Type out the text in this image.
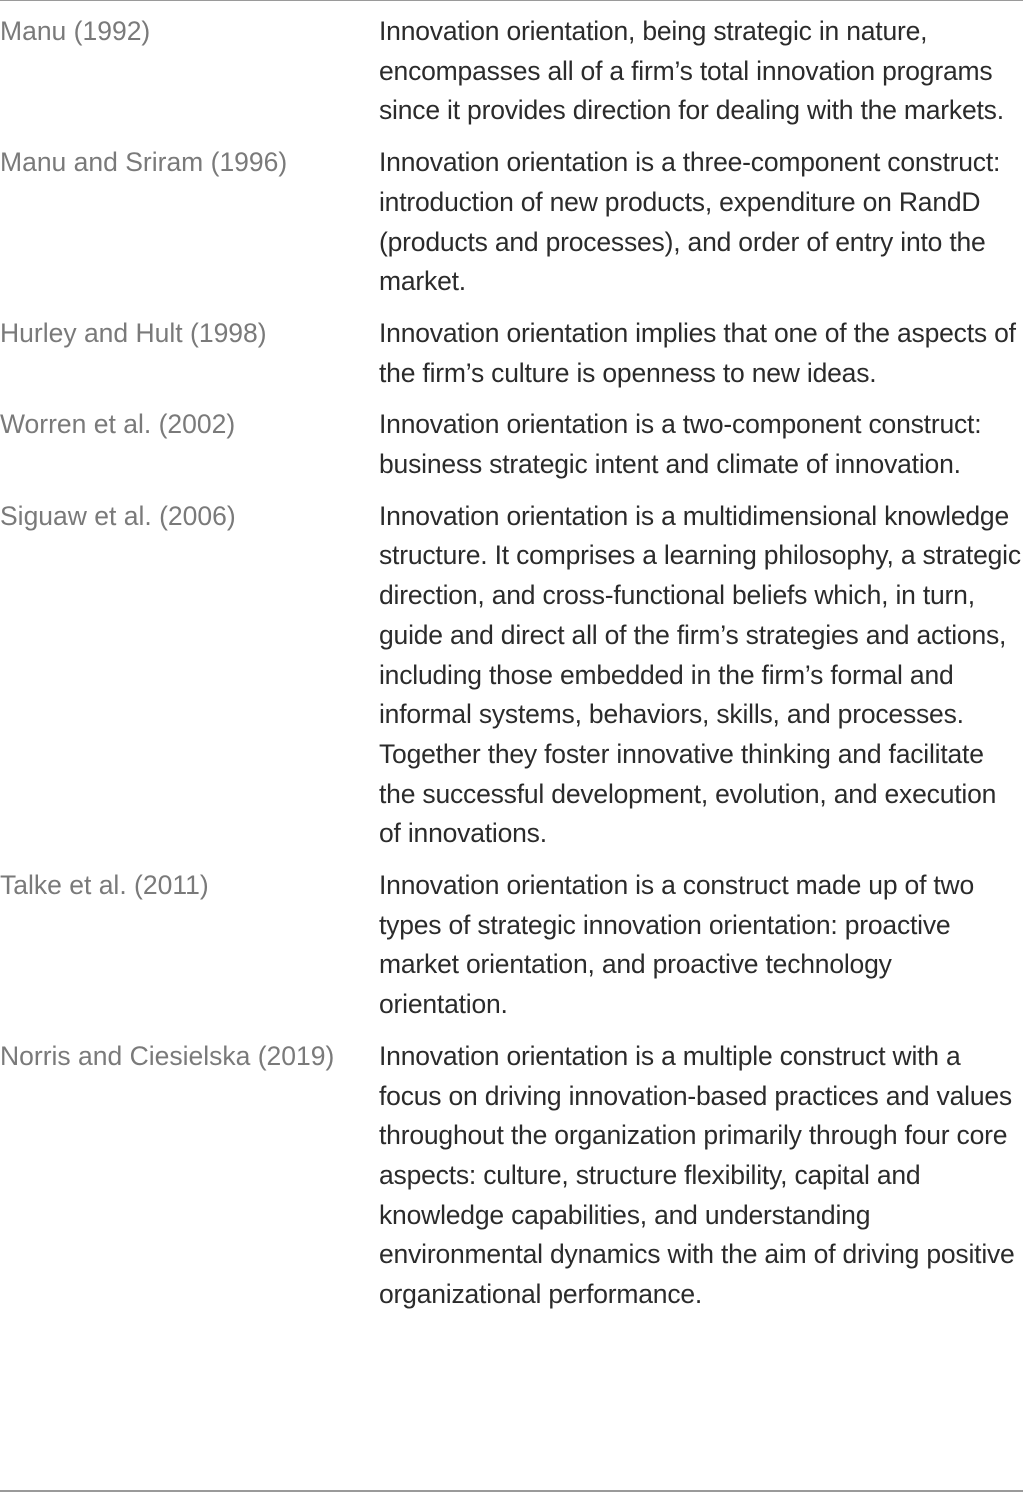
Manu (1992)	Innovation orientation, being strategic in nature, encompasses all of a firm’s total innovation programs since it provides direction for dealing with the markets.
Manu and Sriram (1996)	Innovation orientation is a three-component construct: introduction of new products, expenditure on RandD (products and processes), and order of entry into the market.
Hurley and Hult (1998)	Innovation orientation implies that one of the aspects of the firm’s culture is openness to new ideas.
Worren et al. (2002)	Innovation orientation is a two-component construct: business strategic intent and climate of innovation.
Siguaw et al. (2006)	Innovation orientation is a multidimensional knowledge structure. It comprises a learning philosophy, a strategic direction, and cross-functional beliefs which, in turn, guide and direct all of the firm’s strategies and actions, including those embedded in the firm’s formal and informal systems, behaviors, skills, and processes. Together they foster innovative thinking and facilitate the successful development, evolution, and execution of innovations.
Talke et al. (2011)	Innovation orientation is a construct made up of two types of strategic innovation orientation: proactive market orientation, and proactive technology orientation.
Norris and Ciesielska (2019)	Innovation orientation is a multiple construct with a focus on driving innovation-based practices and values throughout the organization primarily through four core aspects: culture, structure flexibility, capital and knowledge capabilities, and understanding environmental dynamics with the aim of driving positive organizational performance.
